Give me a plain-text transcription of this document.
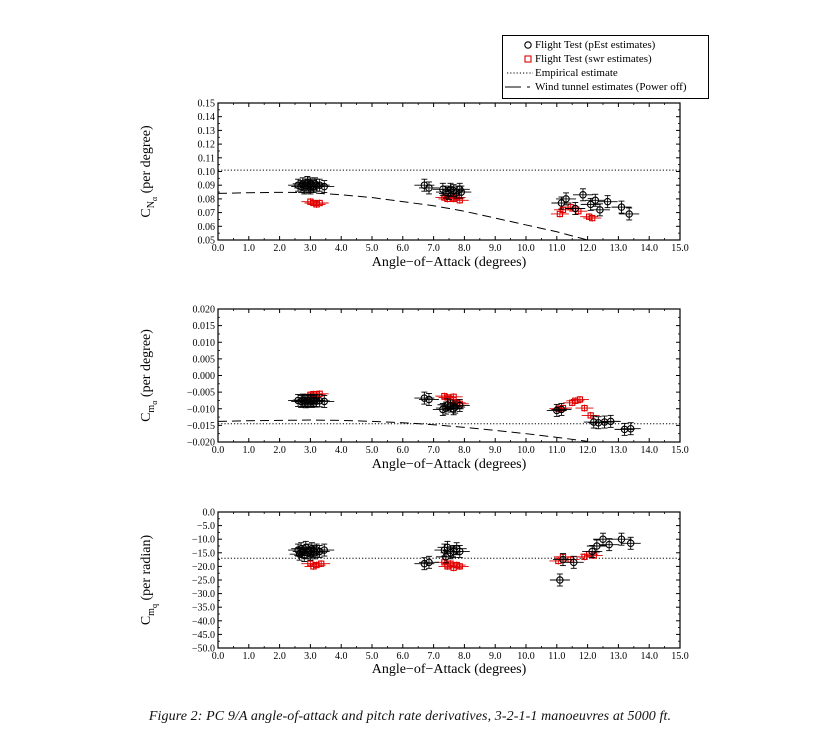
0.0 1.0 2.0 3.0 4.0 5.0 6.0 7.0 8.0 9.0 10.0 11.0 12.0 13.0 14.0 15.0
0.15
0.14
0.13
0.12
0.11
0.10
0.09
0.08
0.07
0.06
0.05
Angle−of−Attack (degrees)
$C_{N\alpha}$ (per degree)
0.0 1.0 2.0 3.0 4.0 5.0 6.0 7.0 8.0 9.0 10.0 11.0 12.0 13.0 14.0 15.0
0.020
0.015
0.010
0.005
0.000
−0.005
−0.010
−0.015
−0.020
Angle−of−Attack (degrees)
$C_{m\alpha}$ (per degree)
0.0 1.0 2.0 3.0 4.0 5.0 6.0 7.0 8.0 9.0 10.0 11.0 12.0 13.0 14.0 15.0
0.0
−5.0
−10.0
−15.0
−20.0
−25.0
−30.0
−35.0
−40.0
−45.0
−50.0
Angle−of−Attack (degrees)
$C_{mq}$ (per radian)
Flight Test (pEst estimates)
Flight Test (swr estimates)
Empirical estimate
Wind tunnel estimates (Power off)
Figure 2: PC 9/A angle-of-attack and pitch rate derivatives, 3-2-1-1 manoeuvres at 5000 ft.
